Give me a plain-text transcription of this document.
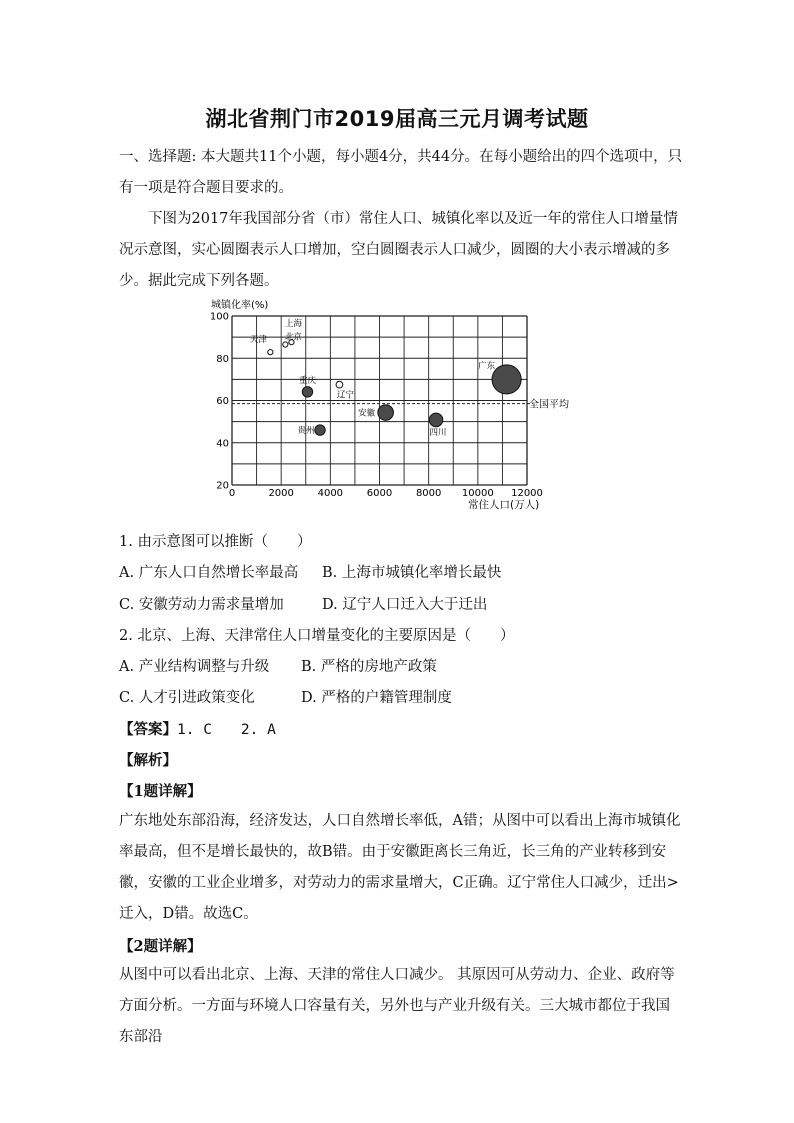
湖北省荆门市2019届高三元月调考试题
一、选择题: 本大题共11个小题，每小题4分，共44分。在每小题给出的四个选项中，只有一项是符合题目要求的。
下图为2017年我国部分省（市）常住人口、城镇化率以及近一年的常住人口增量情况示意图，实心圆圈表示人口增加，空白圆圈表示人口减少，圆圈的大小表示增减的多少。据此完成下列各题。
全国平均
天津
上海
北京
重庆
辽宁
贵州
安徽
四川
广东
0	2000 4000 6000 8000 10000 12000
20
40
60
80
100
城镇化率(%)
常住人口(万人)
1. 由示意图可以推断（　　）
A. 广东人口自然增长率最高 B. 上海市城镇化率增长最快
C. 安徽劳动力需求量增加	D. 辽宁人口迁入大于迁出
2. 北京、上海、天津常住人口增量变化的主要原因是（　　）
A. 产业结构调整与升级 B. 严格的房地产政策
C. 人才引进政策变化	D. 严格的户籍管理制度
【答案】1. C　　2. A
【解析】
【1题详解】
广东地处东部沿海，经济发达，人口自然增长率低，A错；从图中可以看出上海市城镇化率最高，但不是增长最快的，故B错。由于安徽距离长三角近，长三角的产业转移到安徽，安徽的工业企业增多，对劳动力的需求量增大，C正确。辽宁常住人口减少，迁出>迁入，D错。故选C。
【2题详解】
从图中可以看出北京、上海、天津的常住人口减少。 其原因可从劳动力、企业、政府等方面分析。一方面与环境人口容量有关，另外也与产业升级有关。三大城市都位于我国东部沿
